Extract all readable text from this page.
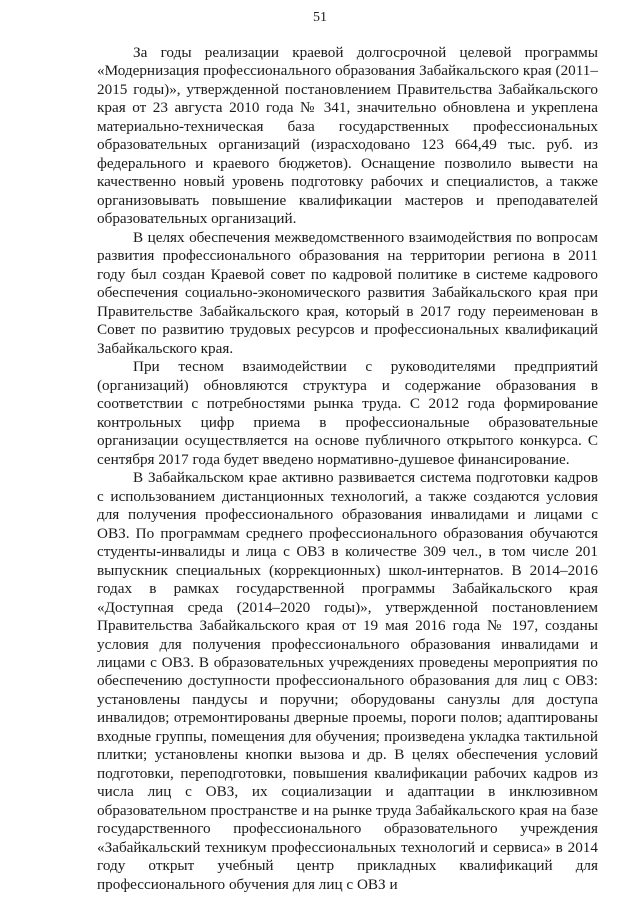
51

За годы реализации краевой долгосрочной целевой программы «Модернизация профессионального образования Забайкальского края (2011–2015 годы)», утвержденной постановлением Правительства Забайкальского края от 23 августа 2010 года № 341, значительно обновлена и укреплена материально-техническая база государственных профессиональных образовательных организаций (израсходовано 123 664,49 тыс. руб. из федерального и краевого бюджетов). Оснащение позволило вывести на качественно новый уровень подготовку рабочих и специалистов, а также организовывать повышение квалификации мастеров и преподавателей образовательных организаций.

В целях обеспечения межведомственного взаимодействия по вопросам развития профессионального образования на территории региона в 2011 году был создан Краевой совет по кадровой политике в системе кадрового обеспечения социально-экономического развития Забайкальского края при Правительстве Забайкальского края, который в 2017 году переименован в Совет по развитию трудовых ресурсов и профессиональных квалификаций Забайкальского края.

При тесном взаимодействии с руководителями предприятий (организаций) обновляются структура и содержание образования в соответствии с потребностями рынка труда. С 2012 года формирование контрольных цифр приема в профессиональные образовательные организации осуществляется на основе публичного открытого конкурса. С сентября 2017 года будет введено нормативно-душевое финансирование.

В Забайкальском крае активно развивается система подготовки кадров с использованием дистанционных технологий, а также создаются условия для получения профессионального образования инвалидами и лицами с ОВЗ. По программам среднего профессионального образования обучаются студенты-инвалиды и лица с ОВЗ в количестве 309 чел., в том числе 201 выпускник специальных (коррекционных) школ-интернатов. В 2014–2016 годах в рамках государственной программы Забайкальского края «Доступная среда (2014–2020 годы)», утвержденной постановлением Правительства Забайкальского края от 19 мая 2016 года № 197, созданы условия для получения профессионального образования инвалидами и лицами с ОВЗ. В образовательных учреждениях проведены мероприятия по обеспечению доступности профессионального образования для лиц с ОВЗ: установлены пандусы и поручни; оборудованы санузлы для доступа инвалидов; отремонтированы дверные проемы, пороги полов; адаптированы входные группы, помещения для обучения; произведена укладка тактильной плитки; установлены кнопки вызова и др. В целях обеспечения условий подготовки, переподготовки, повышения квалификации рабочих кадров из числа лиц с ОВЗ, их социализации и адаптации в инклюзивном образовательном пространстве и на рынке труда Забайкальского края на базе государственного профессионального образовательного учреждения «Забайкальский техникум профессиональных технологий и сервиса» в 2014 году открыт учебный центр прикладных квалификаций для профессионального обучения для лиц с ОВЗ и
